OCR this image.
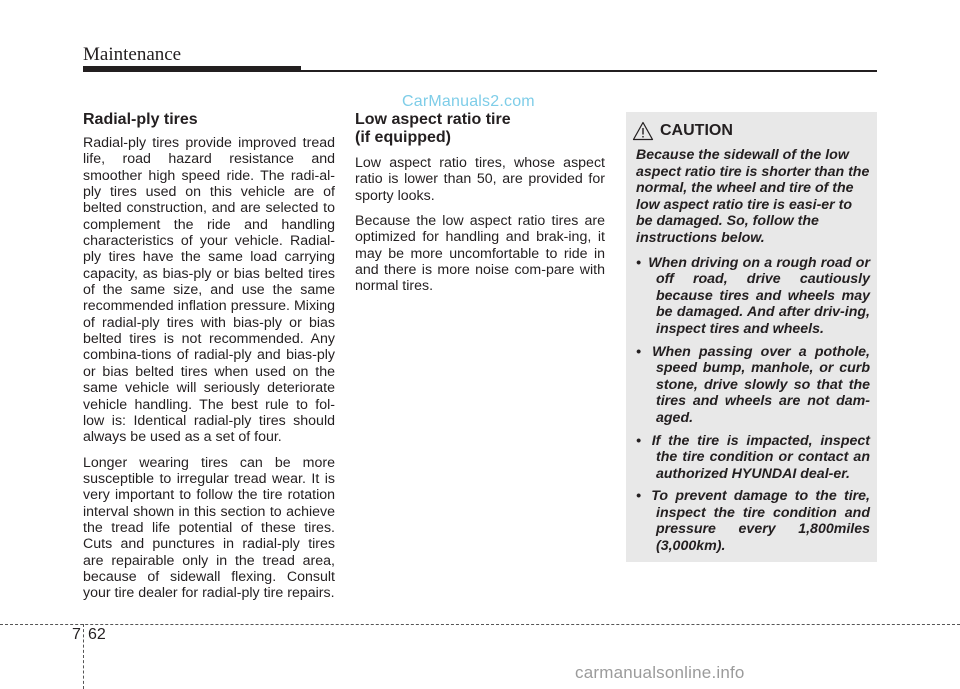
Maintenance
CarManuals2.com
Radial-ply tires

Radial-ply tires provide improved tread life, road hazard resistance and smoother high speed ride. The radi-al-ply tires used on this vehicle are of belted construction, and are selected to complement the ride and handling characteristics of your vehicle. Radial-ply tires have the same load carrying capacity, as bias-ply or bias belted tires of the same size, and use the same recommended inflation pressure. Mixing of radial-ply tires with bias-ply or bias belted tires is not recommended. Any combina-tions of radial-ply and bias-ply or bias belted tires when used on the same vehicle will seriously deteriorate vehicle handling. The best rule to fol-low is: Identical radial-ply tires should always be used as a set of four.

Longer wearing tires can be more susceptible to irregular tread wear. It is very important to follow the tire rotation interval shown in this section to achieve the tread life potential of these tires. Cuts and punctures in radial-ply tires are repairable only in the tread area, because of sidewall flexing. Consult your tire dealer for radial-ply tire repairs.

Low aspect ratio tire
(if equipped)

Low aspect ratio tires, whose aspect ratio is lower than 50, are provided for sporty looks.

Because the low aspect ratio tires are optimized for handling and brak-ing, it may be more uncomfortable to ride in and there is more noise com-pare with normal tires.

CAUTION
Because the sidewall of the low aspect ratio tire is shorter than the normal, the wheel and tire of the low aspect ratio tire is easi-er to be damaged. So, follow the instructions below.
• When driving on a rough road or off road, drive cautiously because tires and wheels may be damaged. And after driv-ing, inspect tires and wheels.
• When passing over a pothole, speed bump, manhole, or curb stone, drive slowly so that the tires and wheels are not dam-aged.
• If the tire is impacted, inspect the tire condition or contact an authorized HYUNDAI deal-er.
• To prevent damage to the tire, inspect the tire condition and pressure every 1,800miles (3,000km).
7 62
carmanualsonline.info
